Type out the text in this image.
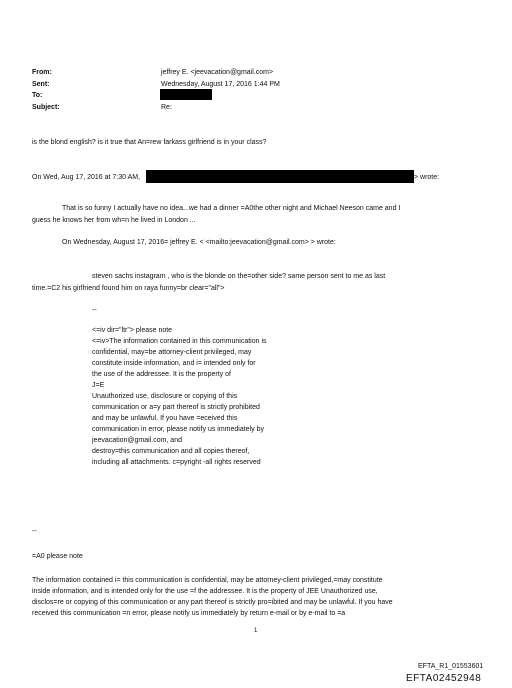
From:	jeffrey E. <jeevacation@gmail.com>
Sent:	Wednesday, August 17, 2016 1:44 PM
To:
Subject:	Re:
is the blond english? is it true that An=rew farkass girlfriend is in your class?
On Wed, Aug 17, 2016 at 7:30 AM,	> wrote:
That is so funny I actually have no idea...we had a dinner =A0the other night and Michael Neeson came and I
guess he knows her from wh=n he lived in London ...
On Wednesday, August 17, 2016= jeffrey E. < <mailto:jeevacation@gmail.com> > wrote:
steven sachs instagram , who is the blonde on the=other side? same person sent to me as last
time.=C2 his girlfriend found him on raya funny=br clear="all">
--
<=iv dir="ltr"> please note
<=iv>The information contained in this communication is
confidential, may=be attorney-client privileged, may
constitute inside information, and i= intended only for
the use of the addressee. It is the property of
J=E
Unauthorized use, disclosure or copying of this
communication or a=y part thereof is strictly prohibited
and may be unlawful. If you have =eceived this
communication in error, please notify us immediately by
jeevacation@gmail.com, and
destroy=this communication and all copies thereof,
including all attachments. c=pyright -all rights reserved
--
=A0 please note
The information contained i= this communication is confidential, may be attorney-client privileged,=may constitute
inside information, and is intended only for the use =f the addressee. It is the property of JEE Unauthorized use,
disclos=re or copying of this communication or any part thereof is strictly pro=ibited and may be unlawful. If you have
received this communication =n error, please notify us immediately by return e-mail or by e-mail to =a
1
EFTA_R1_01553601
EFTA02452948
